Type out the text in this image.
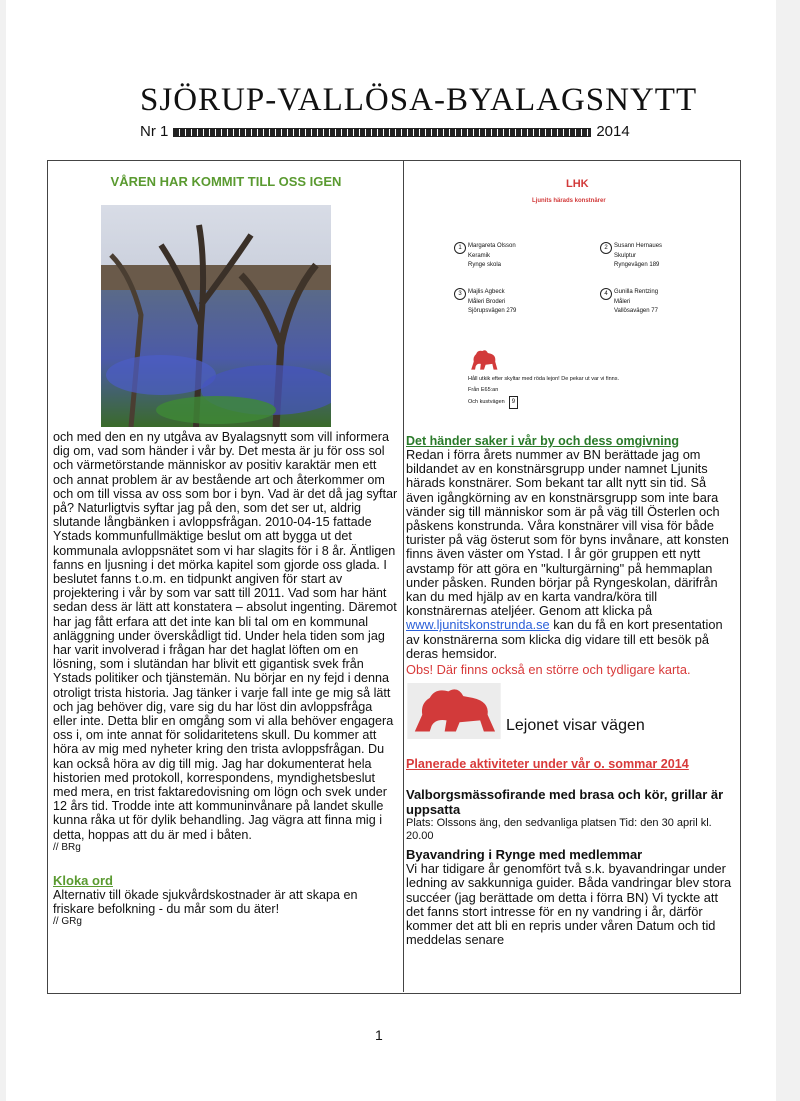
SJÖRUP-VALLÖSA-BYALAGSNYTT
Nr 1	2014
VÅREN HAR KOMMIT TILL OSS IGEN
och med den en ny utgåva av Byalagsnytt som vill informera dig om, vad som händer i vår by. Det mesta är ju för oss sol och värmetörstande människor av positiv karaktär men ett och annat problem är av bestående art och återkommer om och om till vissa av oss som bor i byn. Vad är det då jag syftar på? Naturligtvis syftar jag på den, som det ser ut, aldrig slutande långbänken i avloppsfrågan. 2010-04-15 fattade Ystads kommunfullmäktige beslut om att bygga ut det kommunala avloppsnätet som vi har slagits för i 8 år. Äntligen fanns en ljusning i det mörka kapitel som gjorde oss glada. I beslutet fanns t.o.m. en tidpunkt angiven för start av projektering i vår by som var satt till 2011. Vad som har hänt sedan dess är lätt att konstatera – absolut ingenting. Däremot har jag fått erfara att det inte kan bli tal om en kommunal anläggning under överskådligt tid. Under hela tiden som jag har varit involverad i frågan har det haglat löften om en lösning, som i slutändan har blivit ett gigantisk svek från Ystads politiker och tjänstemän. Nu börjar en ny fejd i denna otroligt trista historia. Jag tänker i varje fall inte ge mig så lätt och jag behöver dig, vare sig du har löst din avloppsfråga eller inte. Detta blir en omgång som vi alla behöver engagera oss i, om inte annat för solidaritetens skull. Du kommer att höra av mig med nyheter kring den trista avloppsfrågan. Du kan också höra av dig till mig. Jag har dokumenterat hela historien med protokoll, korrespondens, myndighetsbeslut med mera, en trist faktaredovisning om lögn och svek under 12 års tid. Trodde inte att kommuninvånare på landet skulle kunna råka ut för dylik behandling. Jag vägra att finna mig i detta, hoppas att du är med i båten.
// BRg
Kloka ord
Alternativ till ökade sjukvårdskostnader är att skapa en friskare befolkning - du mår som du äter!
// GRg
LHK
Ljunits härads konstnärer
1	Margareta Olsson
Keramik
Rynge skola
2	Susann Hernaues
Skulptur
Ryngevägen 189
3	Majlis Agbeck
Måleri Broderi
Sjörupsvägen 279
4	Gunilla Rentzing
Måleri
Vallösavägen 77
Håll utkik efter skyltar med röda lejon! De pekar ut var vi finns.
Från E65:an
Och kustvägen 9
Det händer saker i vår by och dess omgivning
Redan i förra årets nummer av BN berättade jag om bildandet av en konstnärsgrupp under namnet Ljunits härads konstnärer. Som bekant tar allt nytt sin tid. Så även igångkörning av en konstnärsgrupp som inte bara vänder sig till människor som är på väg till Österlen och påskens konstrunda. Våra konstnärer vill visa för både turister på väg österut som för byns invånare, att konsten finns även väster om Ystad. I år gör gruppen ett nytt avstamp för att göra en "kulturgärning" på hemmaplan under påsken. Runden börjar på Ryngeskolan, därifrån kan du med hjälp av en karta vandra/köra till konstnärernas ateljéer. Genom att klicka på
www.ljunitskonstrunda.se kan du få en kort presentation av konstnärerna som klicka dig vidare till ett besök på deras hemsidor.
Obs! Där finns också en större och tydligare karta.
Lejonet visar vägen
Planerade aktiviteter under vår o. sommar 2014
Valborgsmässofirande med brasa och kör, grillar är uppsatta
Plats: Olssons äng, den sedvanliga platsen Tid: den 30 april kl. 20.00
Byavandring i Rynge med medlemmar
Vi har tidigare år genomfört två s.k. byavandringar under ledning av sakkunniga guider. Båda vandringar blev stora succéer (jag berättade om detta i förra BN) Vi tyckte att det fanns stort intresse för en ny vandring i år, därför kommer det att bli en repris under våren Datum och tid meddelas senare
1
